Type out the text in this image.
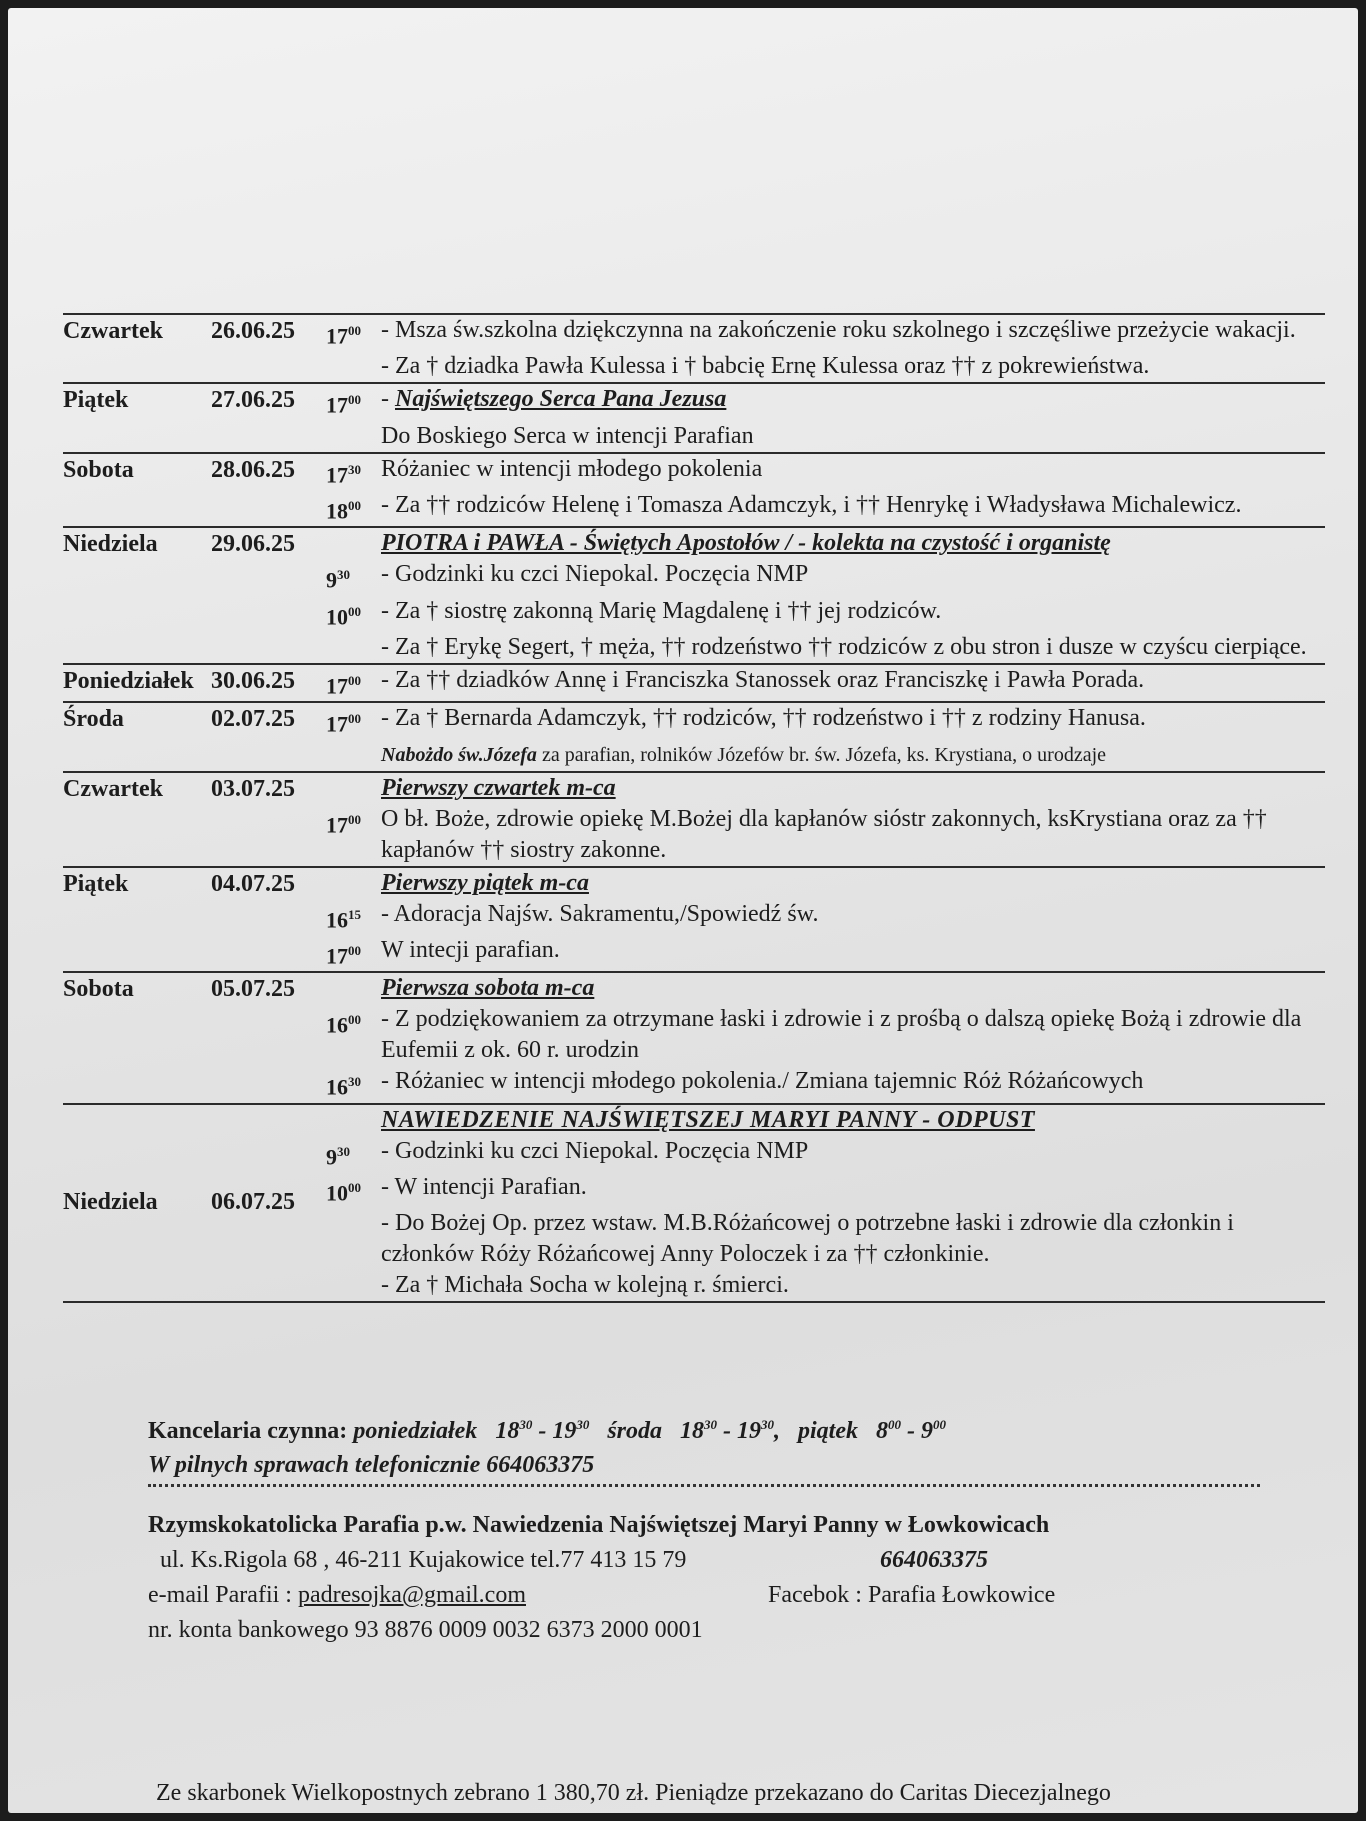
Czwartek	26.06.25	$17^{00}$ - Msza św.szkolna dziękczynna na zakończenie roku szkolnego i szczęśliwe przeżycie wakacji.
- Za † dziadka Pawła Kulessa i † babcię Ernę Kulessa oraz †† z pokrewieństwa.
Piątek	27.06.25	$17^{00}$ - Najświętszego Serca Pana Jezusa
Do Boskiego Serca w intencji Parafian
Sobota	28.06.25	$17^{30}$ Różaniec w intencji młodego pokolenia
$18^{00}$ - Za †† rodziców Helenę i Tomasza Adamczyk, i †† Henrykę i Władysława Michalewicz.
Niedziela	29.06.25	PIOTRA i PAWŁA - Świętych Apostołów / - kolekta na czystość i organistę
$9^{30}$	- Godzinki ku czci Niepokal. Poczęcia NMP
$10^{00}$ - Za † siostrę zakonną Marię Magdalenę i †† jej rodziców.
- Za † Erykę Segert, † męża, †† rodzeństwo †† rodziców z obu stron i dusze w czyścu cierpiące.
Poniedziałek 30.06.25	$17^{00}$ - Za †† dziadków Annę i Franciszka Stanossek oraz Franciszkę i Pawła Porada.
Środa	02.07.25	$17^{00}$ - Za † Bernarda Adamczyk, †† rodziców, †† rodzeństwo i †† z rodziny Hanusa.
Nabożdo św.Józefa za parafian, rolników Józefów br. św. Józefa, ks. Krystiana, o urodzaje
Czwartek	03.07.25	Pierwszy czwartek m-ca
$17^{00}$ O bł. Boże, zdrowie opiekę M.Bożej dla kapłanów sióstr zakonnych, ksKrystiana oraz za †† kapłanów †† siostry zakonne.
Piątek	04.07.25	Pierwszy piątek m-ca
$16^{15}$ - Adoracja Najśw. Sakramentu,/Spowiedź św.
$17^{00}$ W intecji parafian.
Sobota	05.07.25	Pierwsza sobota m-ca
$16^{00}$ - Z podziękowaniem za otrzymane łaski i zdrowie i z prośbą o dalszą opiekę Bożą i zdrowie dla Eufemii z ok. 60 r. urodzin
$16^{30}$ - Różaniec w intencji młodego pokolenia./ Zmiana tajemnic Róż Różańcowych
Niedziela	06.07.25
NAWIEDZENIE NAJŚWIĘTSZEJ MARYI PANNY - ODPUST
$9^{30}$	- Godzinki ku czci Niepokal. Poczęcia NMP
$10^{00}$ - W intencji Parafian.
- Do Bożej Op. przez wstaw. M.B.Różańcowej o potrzebne łaski i zdrowie dla członkin i członków Róży Różańcowej Anny Poloczek i za †† członkinie.
- Za † Michała Socha w kolejną r. śmierci.
Kancelaria czynna: poniedziałek $18^{30} - 19^{30}$ środa $18^{30} - 19^{30}$,   piątek $8^{00} - 9^{00}$
W pilnych sprawach telefonicznie 664063375
Rzymskokatolicka Parafia p.w. Nawiedzenia Najświętszej Maryi Panny w Łowkowicach
ul. Ks.Rigola 68 , 46-211 Kujakowice tel.77 413 15 79	664063375
e-mail Parafii : padresojka@gmail.com	Facebok : Parafia Łowkowice
nr. konta bankowego 93 8876 0009 0032 6373 2000 0001
Ze skarbonek Wielkopostnych zebrano 1 380,70 zł. Pieniądze przekazano do Caritas Diecezjalnego
